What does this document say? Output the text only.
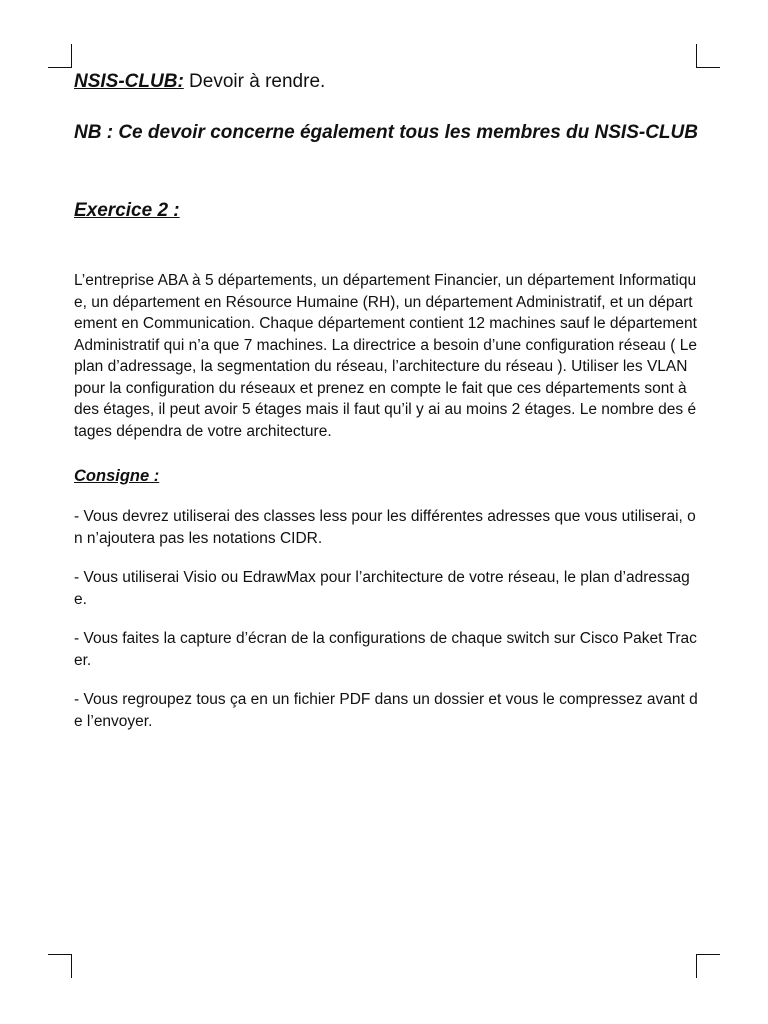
NSIS-CLUB: Devoir à rendre.

NB : Ce devoir concerne également tous les membres du NSIS-CLUB
Exercice 2 :
L’entreprise ABA à 5 départements, un département Financier, un département Informatique, un département en Résource Humaine (RH), un département Administratif, et un département en Communication. Chaque département contient 12 machines sauf le département Administratif qui n’a que 7 machines. La directrice a besoin d’une configuration réseau ( Le plan d’adressage, la segmentation du réseau, l’architecture du réseau ). Utiliser les VLAN pour la configuration du réseaux et prenez en compte le fait que ces départements sont à des étages, il peut avoir 5 étages mais il faut qu’il y ai au moins 2 étages. Le nombre des étages dépendra de votre architecture.
Consigne :
- Vous devrez utiliserai des classes less pour les différentes adresses que vous utiliserai, on n’ajoutera pas les notations CIDR.
- Vous utiliserai Visio ou EdrawMax pour l’architecture de votre réseau, le plan d’adressage.
- Vous faites la capture d’écran de la configurations de chaque switch sur Cisco Paket Tracer.
- Vous regroupez tous ça en un fichier PDF dans un dossier et vous le compressez avant de l’envoyer.
